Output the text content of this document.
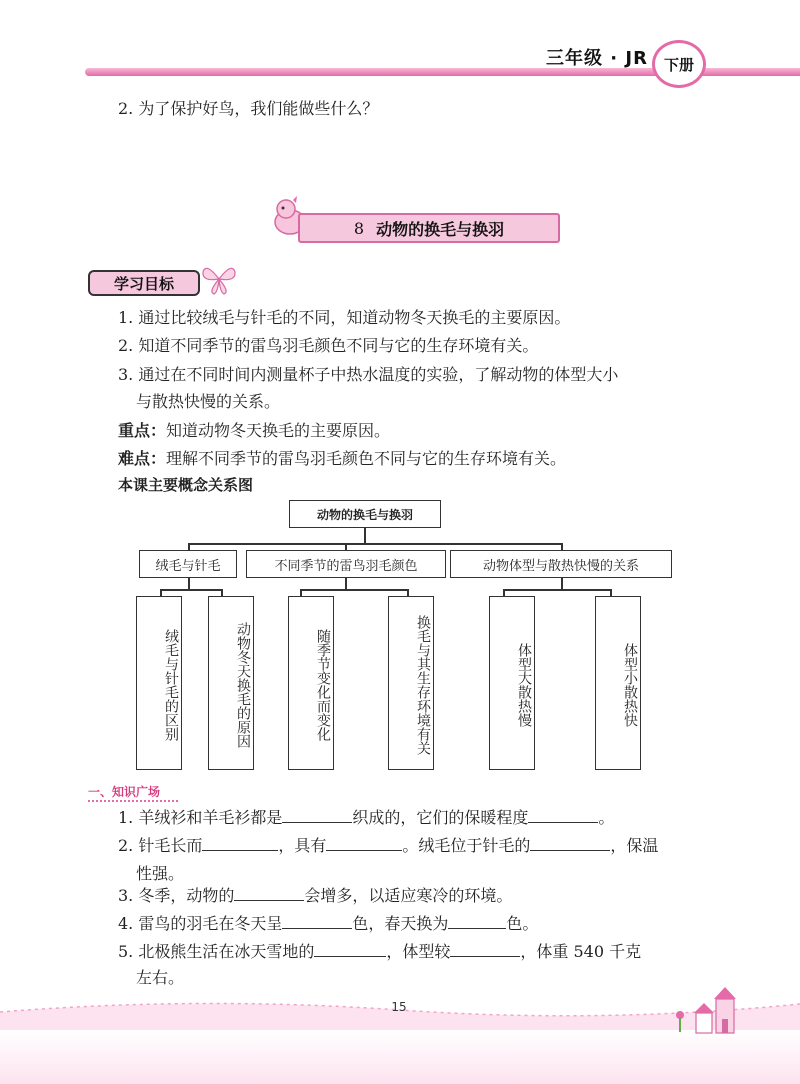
三年级 · JR	下册
2. 为了保护好鸟，我们能做些什么？
8 动物的换毛与换羽
学习目标
1. 通过比较绒毛与针毛的不同，知道动物冬天换毛的主要原因。
2. 知道不同季节的雷鸟羽毛颜色不同与它的生存环境有关。
3. 通过在不同时间内测量杯子中热水温度的实验，了解动物的体型大小
与散热快慢的关系。
重点：知道动物冬天换毛的主要原因。
难点：理解不同季节的雷鸟羽毛颜色不同与它的生存环境有关。
本课主要概念关系图
动物的换毛与换羽
绒毛与针毛	不同季节的雷鸟羽毛颜色	动物体型与散热快慢的关系
绒毛与针毛的区别	动物冬天换毛的原因	随季节变化而变化	换毛与其生存环境有关	体型大散热慢	体型小散热快
一、知识广场
1. 羊绒衫和羊毛衫都是	织成的，它们的保暖程度	。
2. 针毛长而	，具有	。绒毛位于针毛的	，保温
性强。
3. 冬季，动物的	会增多，以适应寒冷的环境。
4. 雷鸟的羽毛在冬天呈	色，春天换为	色。
5. 北极熊生活在冰天雪地的	，体型较	，体重 540 千克
左右。
15
